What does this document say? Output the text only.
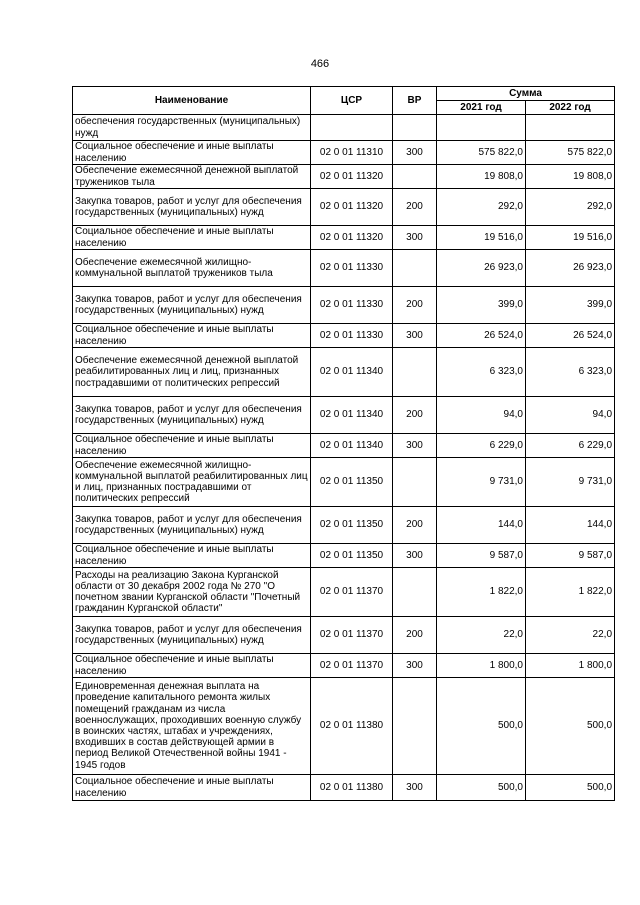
466
Наименование	ЦСР	ВР	Сумма	
			2021 год	2022 год
обеспечения государственных (муниципальных) нужд				
Социальное обеспечение и иные выплаты населению	02 0 01 11310	300	575 822,0	575 822,0
Обеспечение ежемесячной денежной выплатой тружеников тыла	02 0 01 11320		19 808,0	19 808,0
Закупка товаров, работ и услуг для обеспечения государственных (муниципальных) нужд	02 0 01 11320	200	292,0	292,0
Социальное обеспечение и иные выплаты населению	02 0 01 11320	300	19 516,0	19 516,0
Обеспечение ежемесячной жилищно-коммунальной выплатой тружеников тыла	02 0 01 11330		26 923,0	26 923,0
Закупка товаров, работ и услуг для обеспечения государственных (муниципальных) нужд	02 0 01 11330	200	399,0	399,0
Социальное обеспечение и иные выплаты населению	02 0 01 11330	300	26 524,0	26 524,0
Обеспечение ежемесячной денежной выплатой реабилитированных лиц и лиц, признанных пострадавшими от политических репрессий	02 0 01 11340		6 323,0	6 323,0
Закупка товаров, работ и услуг для обеспечения государственных (муниципальных) нужд	02 0 01 11340	200	94,0	94,0
Социальное обеспечение и иные выплаты населению	02 0 01 11340	300	6 229,0	6 229,0
Обеспечение ежемесячной жилищно-коммунальной выплатой реабилитированных лиц и лиц, признанных пострадавшими от политических репрессий	02 0 01 11350		9 731,0	9 731,0
Закупка товаров, работ и услуг для обеспечения государственных (муниципальных) нужд	02 0 01 11350	200	144,0	144,0
Социальное обеспечение и иные выплаты населению	02 0 01 11350	300	9 587,0	9 587,0
Расходы на реализацию Закона Курганской области от 30 декабря 2002 года № 270 "О почетном звании Курганской области "Почетный гражданин Курганской области"	02 0 01 11370		1 822,0	1 822,0
Закупка товаров, работ и услуг для обеспечения государственных (муниципальных) нужд	02 0 01 11370	200	22,0	22,0
Социальное обеспечение и иные выплаты населению	02 0 01 11370	300	1 800,0	1 800,0
Единовременная денежная выплата на проведение капитального ремонта жилых помещений гражданам из числа военнослужащих, проходивших военную службу в воинских частях, штабах и учреждениях, входивших в состав действующей армии в период Великой Отечественной войны 1941 - 1945 годов	02 0 01 11380		500,0	500,0
Социальное обеспечение и иные выплаты населению	02 0 01 11380	300	500,0	500,0
